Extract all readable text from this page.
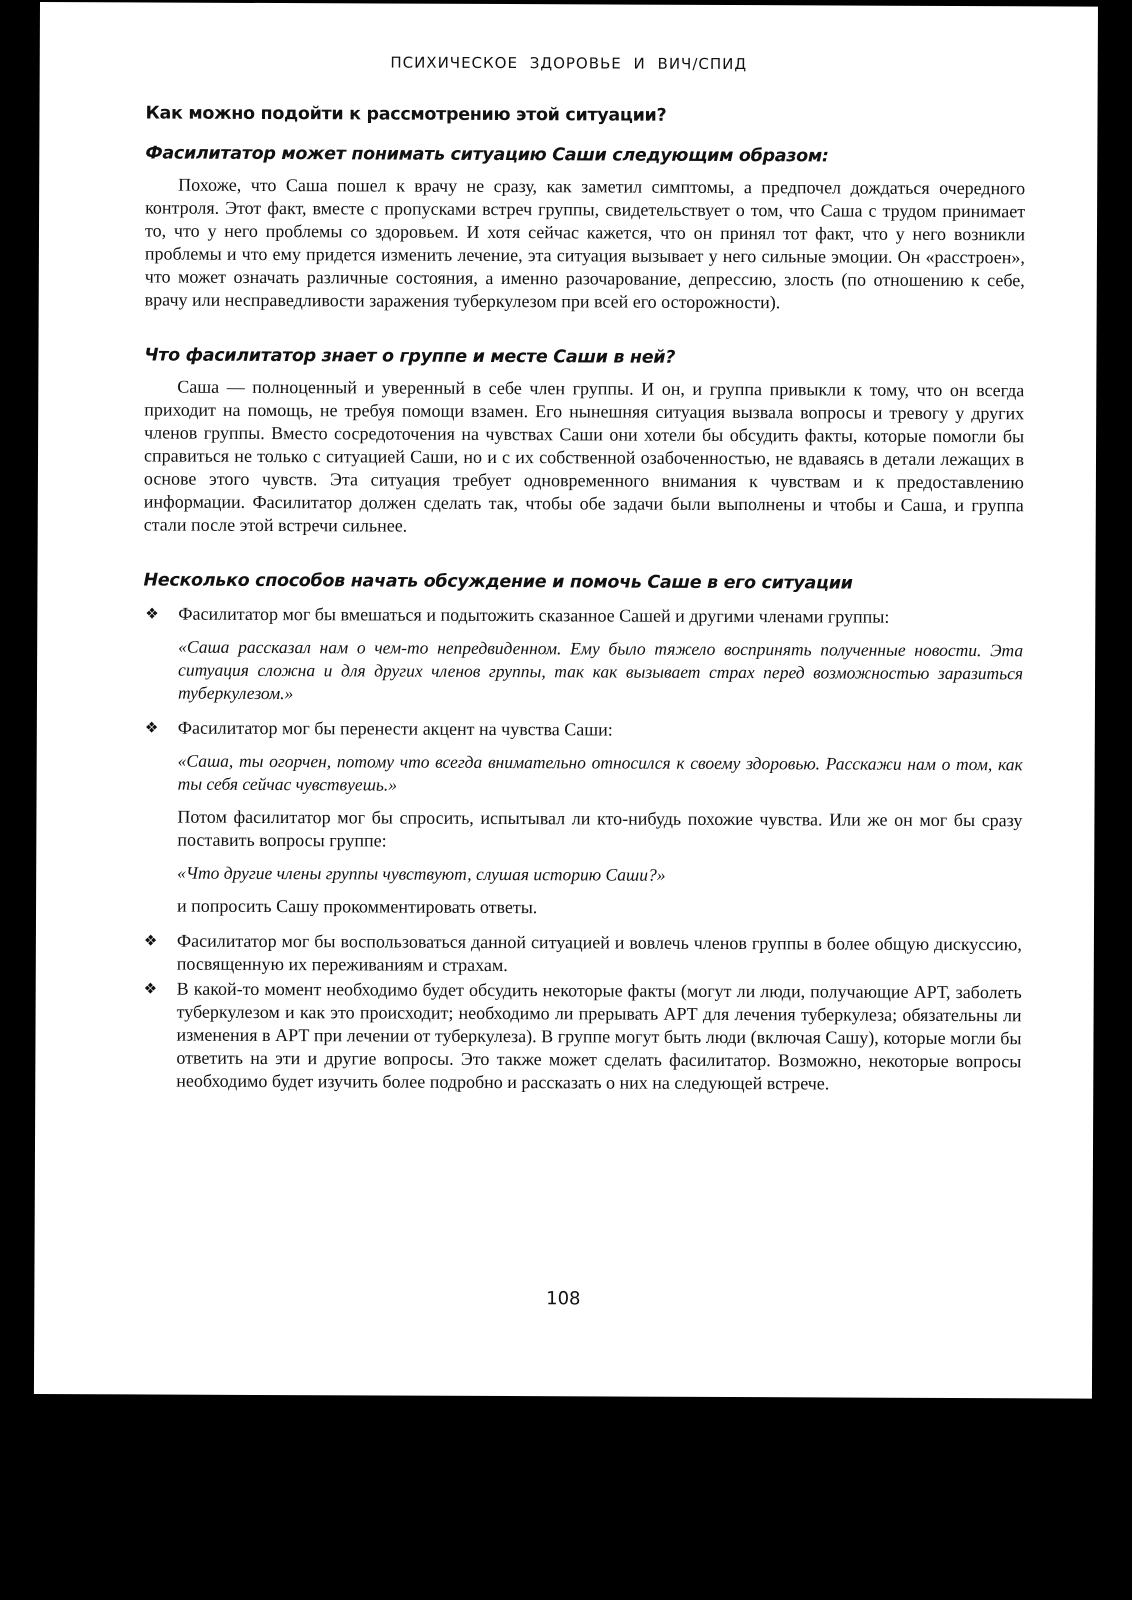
ПСИХИЧЕСКОЕ ЗДОРОВЬЕ И ВИЧ/СПИД
Как можно подойти к рассмотрению этой ситуации?
Фасилитатор может понимать ситуацию Саши следующим образом:

Похоже, что Саша пошел к врачу не сразу, как заметил симптомы, а предпочел дождаться очередного контроля. Этот факт, вместе с пропусками встреч группы, свидетельствует о том, что Саша с трудом принимает то, что у него проблемы со здоровьем. И хотя сейчас кажется, что он принял тот факт, что у него возникли проблемы и что ему придется изменить лечение, эта ситуация вызывает у него сильные эмоции. Он «расстроен», что может означать различные состояния, а именно разочарование, депрессию, злость (по отношению к себе, врачу или несправедливости заражения туберкулезом при всей его осторожности).

Что фасилитатор знает о группе и месте Саши в ней?

Саша — полноценный и уверенный в себе член группы. И он, и группа привыкли к тому, что он всегда приходит на помощь, не требуя помощи взамен. Его нынешняя ситуация вызвала вопросы и тревогу у других членов группы. Вместо сосредоточения на чувствах Саши они хотели бы обсудить факты, которые помогли бы справиться не только с ситуацией Саши, но и с их собственной озабоченностью, не вдаваясь в детали лежащих в основе этого чувств. Эта ситуация требует одновременного внимания к чувствам и к предоставлению информации. Фасилитатор должен сделать так, чтобы обе задачи были выполнены и чтобы и Саша, и группа стали после этой встречи сильнее.

Несколько способов начать обсуждение и помочь Саше в его ситуации
❖ Фасилитатор мог бы вмешаться и подытожить сказанное Сашей и другими членами группы:

«Саша рассказал нам о чем-то непредвиденном. Ему было тяжело воспринять полученные новости. Эта ситуация сложна и для других членов группы, так как вызывает страх перед возможностью заразиться туберкулезом.»

❖ Фасилитатор мог бы перенести акцент на чувства Саши:

«Саша, ты огорчен, потому что всегда внимательно относился к своему здоровью. Расскажи нам о том, как ты себя сейчас чувствуешь.»

Потом фасилитатор мог бы спросить, испытывал ли кто-нибудь похожие чувства. Или же он мог бы сразу поставить вопросы группе:

«Что другие члены группы чувствуют, слушая историю Саши?»

и попросить Сашу прокомментировать ответы.

❖ Фасилитатор мог бы воспользоваться данной ситуацией и вовлечь членов группы в более общую дискуссию, посвященную их переживаниям и страхам.

❖ В какой-то момент необходимо будет обсудить некоторые факты (могут ли люди, получающие АРТ, заболеть туберкулезом и как это происходит; необходимо ли прерывать АРТ для лечения туберкулеза; обязательны ли изменения в АРТ при лечении от туберкулеза). В группе могут быть люди (включая Сашу), которые могли бы ответить на эти и другие вопросы. Это также может сделать фасилитатор. Возможно, некоторые вопросы необходимо будет изучить более подробно и рассказать о них на следующей встрече.

108
